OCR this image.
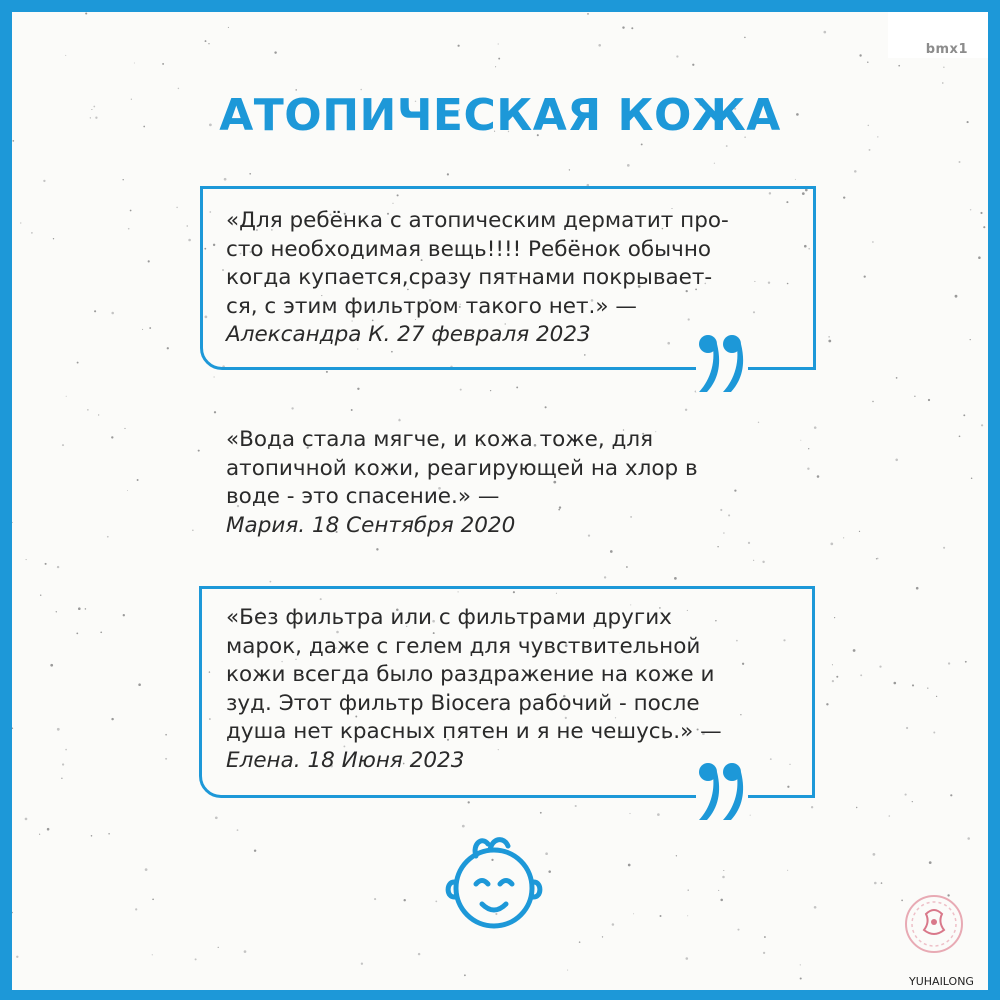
bmx1
АТОПИЧЕСКАЯ КОЖА
«Для ребёнка с атопическим дерматит про-
сто необходимая вещь!!!! Ребёнок обычно
когда купается,сразу пятнами покрывает-
ся, с этим фильтром такого нет.» —
Александра К. 27 февраля 2023
«Вода стала мягче, и кожа тоже, для
атопичной кожи, реагирующей на хлор в
воде - это спасение.» —
Мария. 18 Сентября 2020
«Без фильтра или с фильтрами других
марок, даже с гелем для чувствительной
кожи всегда было раздражение на коже и
зуд. Этот фильтр Biocera рабочий - после
душа нет красных пятен и я не чешусь.» —
Елена. 18 Июня 2023
YUHAILONG
